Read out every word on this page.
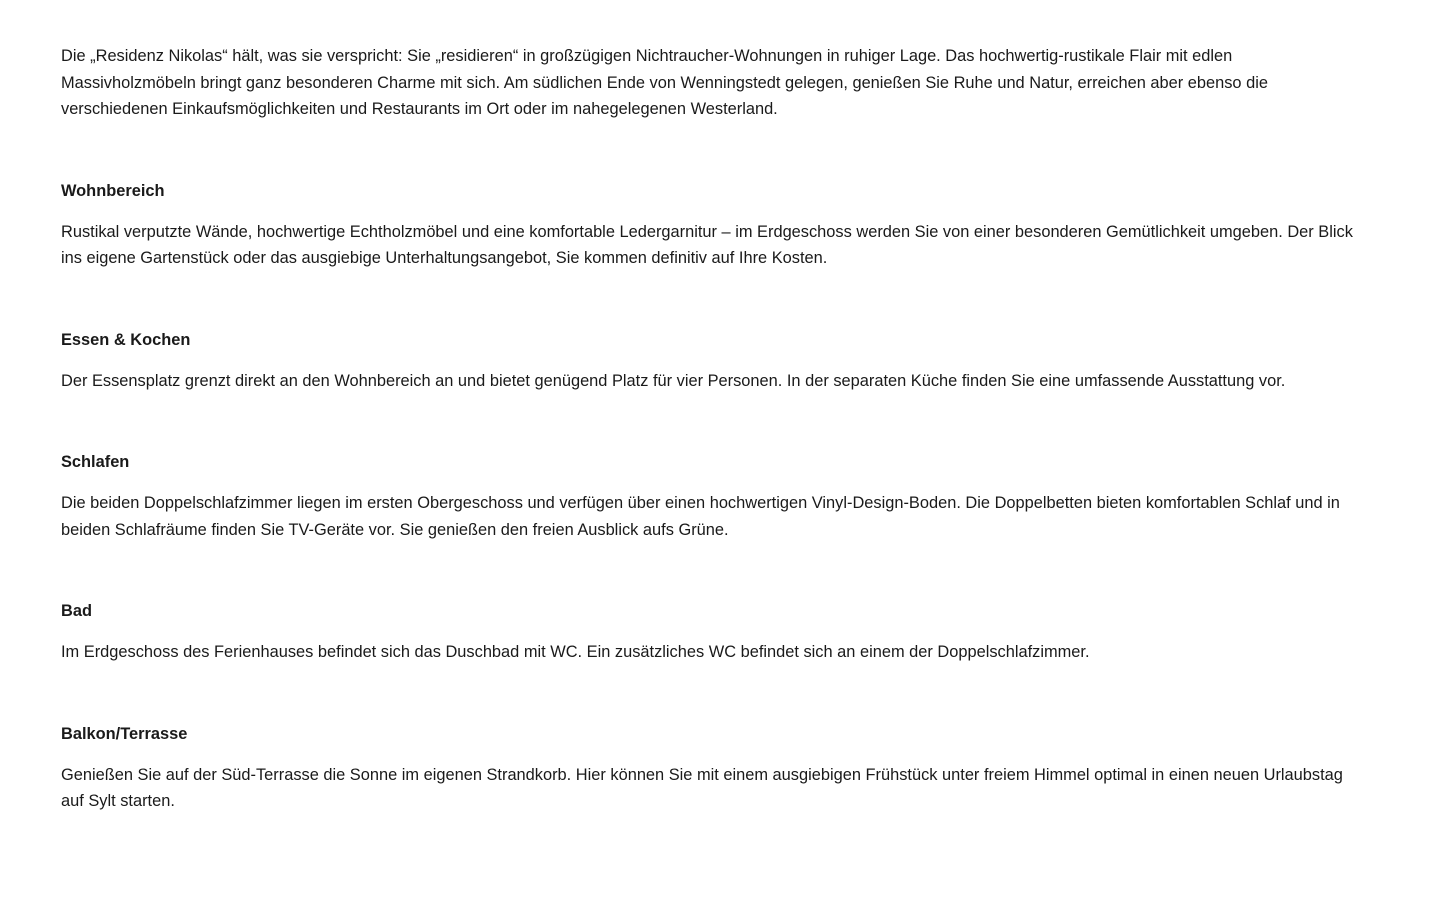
Die „Residenz Nikolas“ hält, was sie verspricht: Sie „residieren“ in großzügigen Nichtraucher-Wohnungen in ruhiger Lage. Das hochwertig-rustikale Flair mit edlen Massivholzmöbeln bringt ganz besonderen Charme mit sich. Am südlichen Ende von Wenningstedt gelegen, genießen Sie Ruhe und Natur, erreichen aber ebenso die verschiedenen Einkaufsmöglichkeiten und Restaurants im Ort oder im nahegelegenen Westerland.

Wohnbereich

Rustikal verputzte Wände, hochwertige Echtholzmöbel und eine komfortable Ledergarnitur – im Erdgeschoss werden Sie von einer besonderen Gemütlichkeit umgeben. Der Blick ins eigene Gartenstück oder das ausgiebige Unterhaltungsangebot, Sie kommen definitiv auf Ihre Kosten.

Essen & Kochen

Der Essensplatz grenzt direkt an den Wohnbereich an und bietet genügend Platz für vier Personen. In der separaten Küche finden Sie eine umfassende Ausstattung vor.

Schlafen

Die beiden Doppelschlafzimmer liegen im ersten Obergeschoss und verfügen über einen hochwertigen Vinyl-Design-Boden. Die Doppelbetten bieten komfortablen Schlaf und in beiden Schlafräume finden Sie TV-Geräte vor. Sie genießen den freien Ausblick aufs Grüne.

Bad

Im Erdgeschoss des Ferienhauses befindet sich das Duschbad mit WC. Ein zusätzliches WC befindet sich an einem der Doppelschlafzimmer.

Balkon/Terrasse

Genießen Sie auf der Süd-Terrasse die Sonne im eigenen Strandkorb. Hier können Sie mit einem ausgiebigen Frühstück unter freiem Himmel optimal in einen neuen Urlaubstag auf Sylt starten.
